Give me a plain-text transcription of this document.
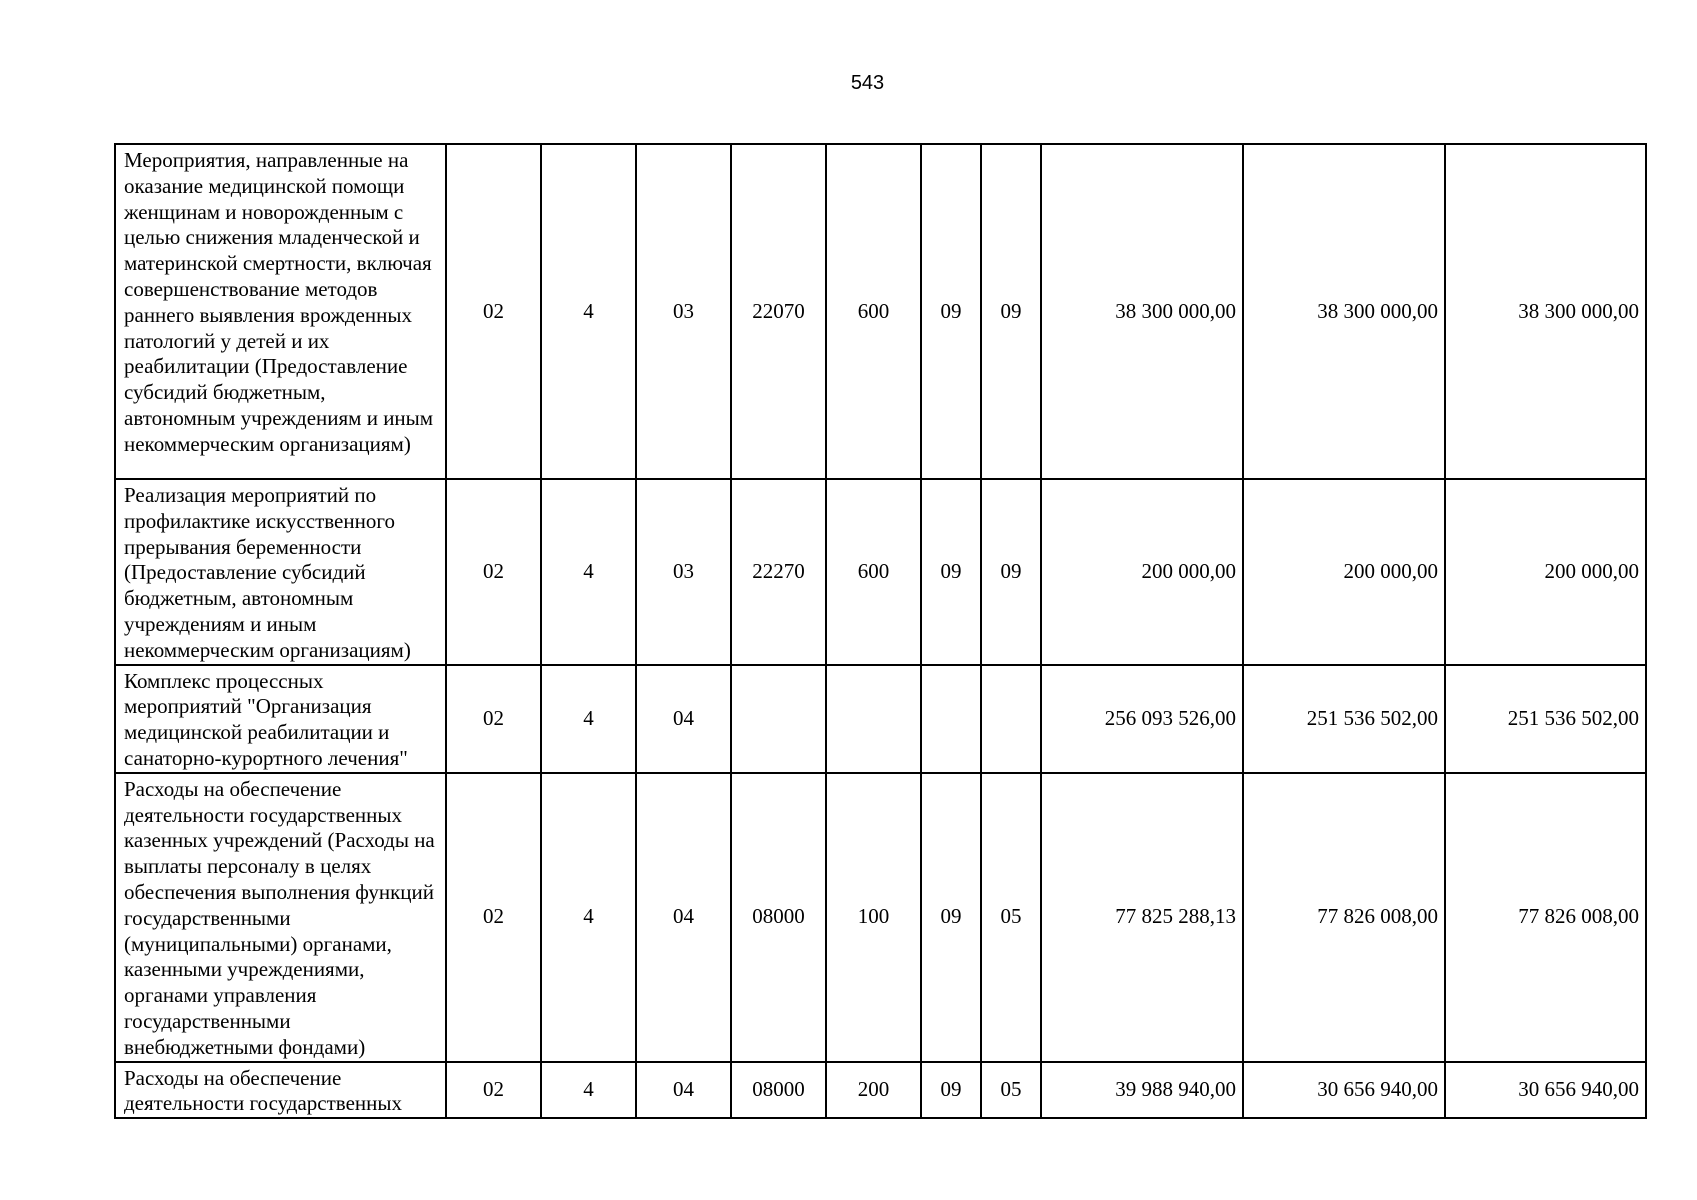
543
Мероприятия, направленные на оказание медицинской помощи женщинам и новорожденным с целью снижения младенческой и материнской смертности, включая совершенствование методов раннего выявления врожденных патологий у детей и их реабилитации (Предоставление субсидий бюджетным, автономным учреждениям и иным некоммерческим организациям)	02	4	03	22070	600	09	09	38 300 000,00	38 300 000,00	38 300 000,00
Реализация мероприятий по профилактике искусственного прерывания беременности (Предоставление субсидий бюджетным, автономным учреждениям и иным некоммерческим организациям)	02	4	03	22270	600	09	09	200 000,00	200 000,00	200 000,00
Комплекс процессных мероприятий "Организация медицинской реабилитации и санаторно-курортного лечения"	02	4	04					256 093 526,00	251 536 502,00	251 536 502,00
Расходы на обеспечение деятельности государственных казенных учреждений (Расходы на выплаты персоналу в целях обеспечения выполнения функций государственными (муниципальными) органами, казенными учреждениями, органами управления государственными внебюджетными фондами)	02	4	04	08000	100	09	05	77 825 288,13	77 826 008,00	77 826 008,00
Расходы на обеспечение деятельности государственных	02	4	04	08000	200	09	05	39 988 940,00	30 656 940,00	30 656 940,00
